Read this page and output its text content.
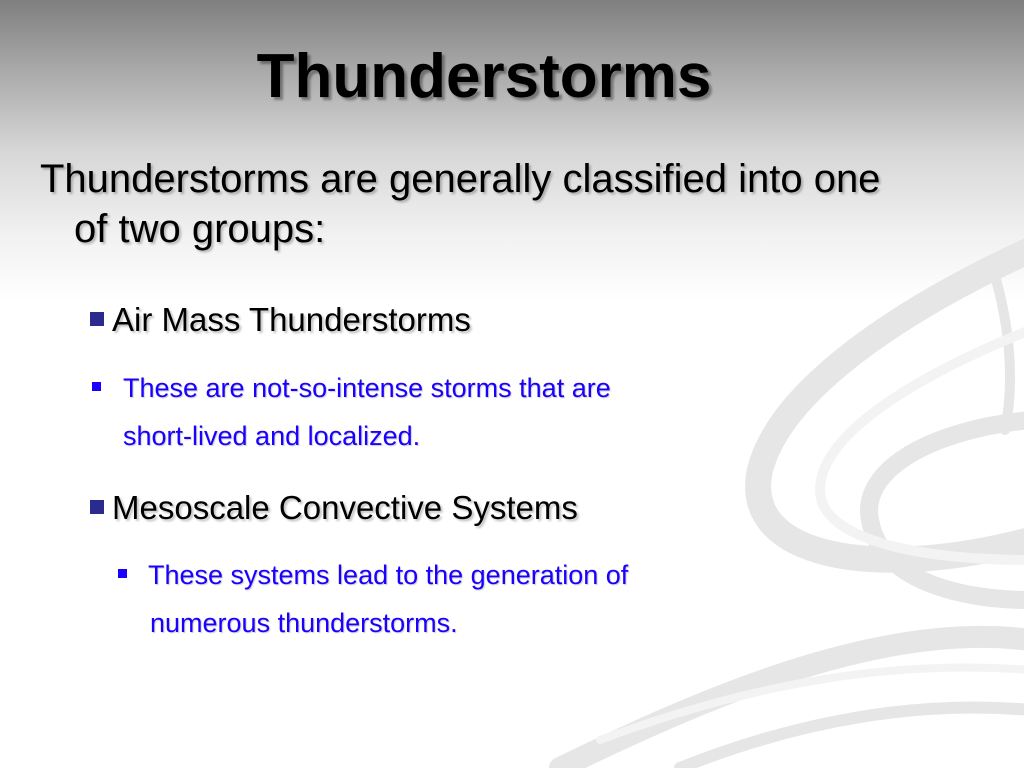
Thunderstorms
Thunderstorms are generally classified into one
of two groups:
Air Mass Thunderstorms
These are not-so-intense storms that are
short-lived and localized.
Mesoscale Convective Systems
These systems lead to the generation of
numerous thunderstorms.
